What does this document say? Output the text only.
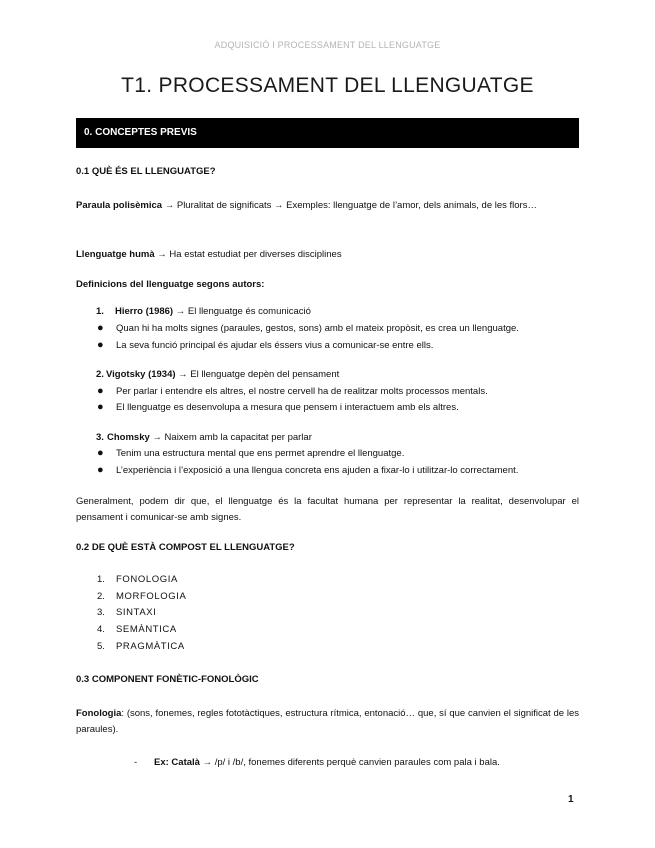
ADQUISICIÓ I PROCESSAMENT DEL LLENGUATGE
T1. PROCESSAMENT DEL LLENGUATGE
0. CONCEPTES PREVIS
0.1 QUÈ ÉS EL LLENGUATGE?
Paraula polisèmica → Pluralitat de significats → Exemples: llenguatge de l’amor, dels animals, de les flors…
Llenguatge humà → Ha estat estudiat per diverses disciplines
Definicions del llenguatge segons autors:
1. Hierro (1986) → El llenguatge és comunicació
● Quan hi ha molts signes (paraules, gestos, sons) amb el mateix propòsit, es crea un llenguatge.
● La seva funció principal és ajudar els éssers vius a comunicar-se entre ells.
2. Vigotsky (1934) → El llenguatge depèn del pensament
● Per parlar i entendre els altres, el nostre cervell ha de realitzar molts processos mentals.
● El llenguatge es desenvolupa a mesura que pensem i interactuem amb els altres.
3. Chomsky → Naixem amb la capacitat per parlar
● Tenim una estructura mental que ens permet aprendre el llenguatge.
● L’experiència i l’exposició a una llengua concreta ens ajuden a fixar-lo i utilitzar-lo correctament.
Generalment, podem dir que, el llenguatge és la facultat humana per representar la realitat, desenvolupar el pensament i comunicar-se amb signes.
0.2 DE QUÈ ESTÀ COMPOST EL LLENGUATGE?
1. FONOLOGIA
2. MORFOLOGIA
3. SINTAXI
4. SEMÀNTICA
5. PRAGMÀTICA
0.3 COMPONENT FONÈTIC-FONOLÒGIC
Fonologia: (sons, fonemes, regles fototàctiques, estructura rítmica, entonació… que, sí que canvien el significat de les paraules).
- Ex: Català → /p/ i /b/, fonemes diferents perquè canvien paraules com pala i bala.
1
